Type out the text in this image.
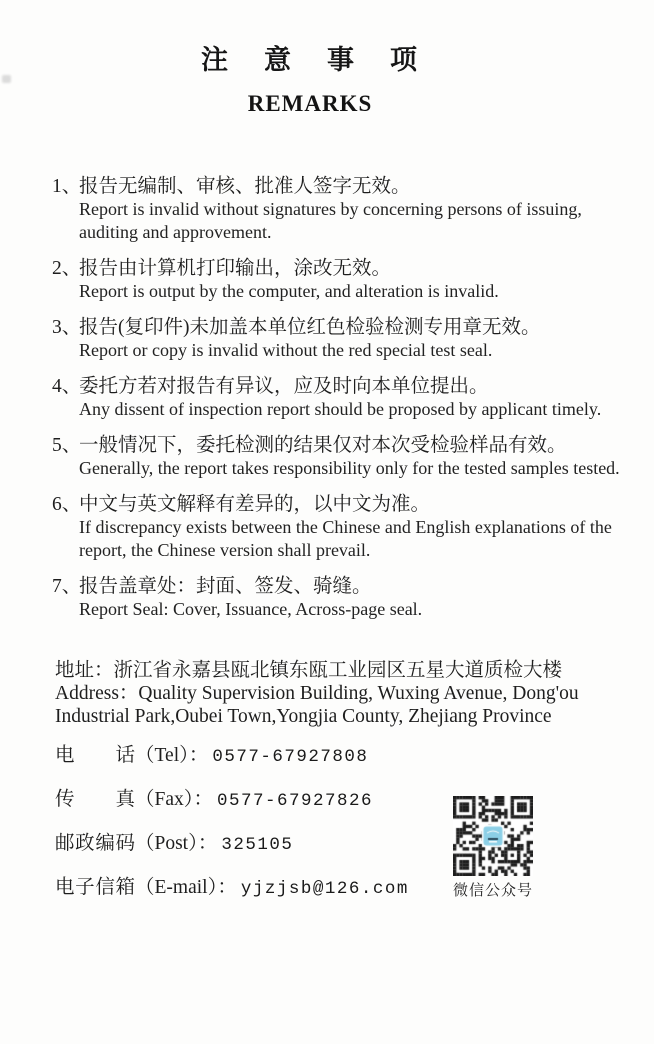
注意事项
REMARKS
1、
报告无编制、审核、批准人签字无效。
Report is invalid without signatures by concerning persons of issuing, auditing and approvement.
2、
报告由计算机打印输出，涂改无效。
Report is output by the computer, and alteration is invalid.
3、
报告(复印件)未加盖本单位红色检验检测专用章无效。
Report or copy is invalid without the red special test seal.
4、
委托方若对报告有异议，应及时向本单位提出。
Any dissent of inspection report should be proposed by applicant timely.
5、
一般情况下，委托检测的结果仅对本次受检验样品有效。
Generally, the report takes responsibility only for the tested samples tested.
6、
中文与英文解释有差异的，以中文为准。
If discrepancy exists between the Chinese and English explanations of the report, the Chinese version shall prevail.
7、
报告盖章处：封面、签发、骑缝。
Report Seal: Cover, Issuance, Across-page seal.
地址：浙江省永嘉县瓯北镇东瓯工业园区五星大道质检大楼
Address：Quality Supervision Building, Wuxing Avenue, Dong'ou Industrial Park,Oubei Town,Yongjia County, Zhejiang Province
电 话（Tel）： 0577-67927808
传 真（Fax）： 0577-67927826
邮政编码（Post）： 325105
电子信箱（E-mail）： yjzjsb@126.com	微信公众号
